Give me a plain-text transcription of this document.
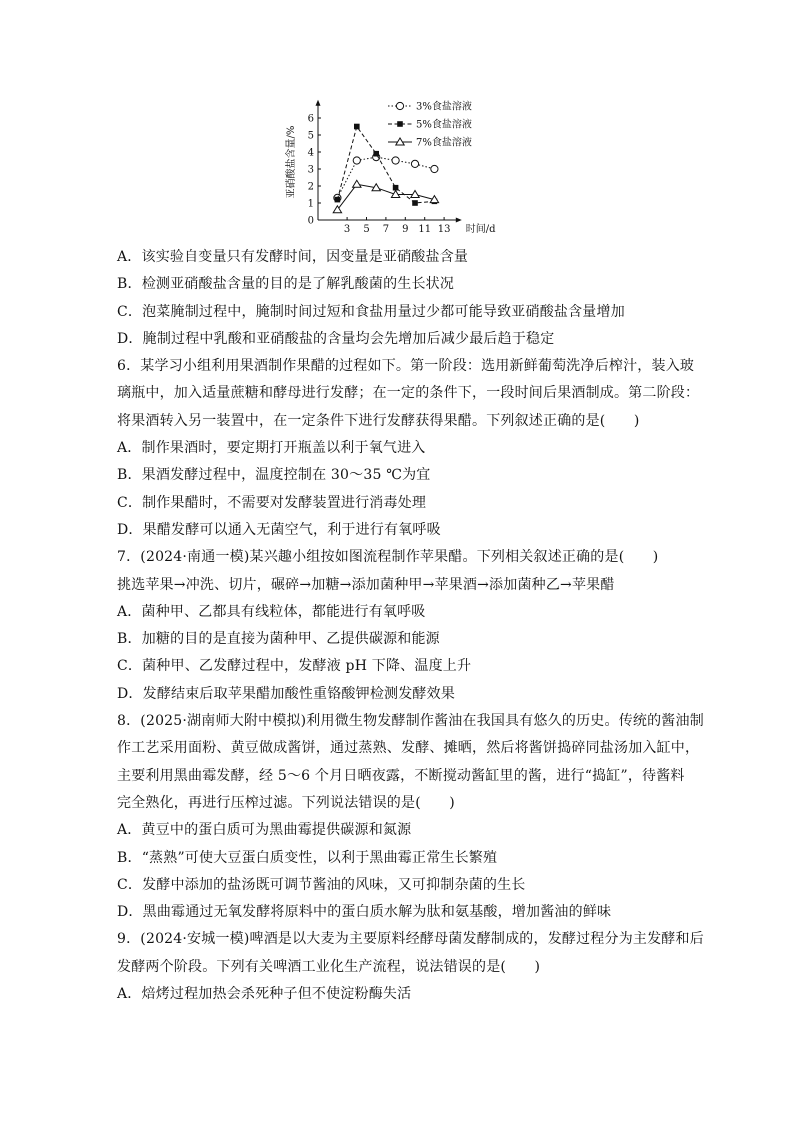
0
1
2
3
4
5
6
3 5 7 9 11 13 时间/d
亚硝酸盐含量/%
3%食盐溶液
5%食盐溶液
7%食盐溶液
A．该实验自变量只有发酵时间，因变量是亚硝酸盐含量
B．检测亚硝酸盐含量的目的是了解乳酸菌的生长状况
C．泡菜腌制过程中，腌制时间过短和食盐用量过少都可能导致亚硝酸盐含量增加
D．腌制过程中乳酸和亚硝酸盐的含量均会先增加后减少最后趋于稳定
6．某学习小组利用果酒制作果醋的过程如下。第一阶段：选用新鲜葡萄洗净后榨汁，装入玻
璃瓶中，加入适量蔗糖和酵母进行发酵；在一定的条件下，一段时间后果酒制成。第二阶段：
将果酒转入另一装置中，在一定条件下进行发酵获得果醋。下列叙述正确的是(　　)
A．制作果酒时，要定期打开瓶盖以利于氧气进入
B．果酒发酵过程中，温度控制在 30～35 ℃为宜
C．制作果醋时，不需要对发酵装置进行消毒处理
D．果醋发酵可以通入无菌空气，利于进行有氧呼吸
7．(2024·南通一模)某兴趣小组按如图流程制作苹果醋。下列相关叙述正确的是(　　)
挑选苹果→冲洗、切片，碾碎→加糖→添加菌种甲→苹果酒→添加菌种乙→苹果醋
A．菌种甲、乙都具有线粒体，都能进行有氧呼吸
B．加糖的目的是直接为菌种甲、乙提供碳源和能源
C．菌种甲、乙发酵过程中，发酵液 pH 下降、温度上升
D．发酵结束后取苹果醋加酸性重铬酸钾检测发酵效果
8．(2025·湖南师大附中模拟)利用微生物发酵制作酱油在我国具有悠久的历史。传统的酱油制
作工艺采用面粉、黄豆做成酱饼，通过蒸熟、发酵、摊晒，然后将酱饼捣碎同盐汤加入缸中，
主要利用黑曲霉发酵，经 5～6 个月日晒夜露，不断搅动酱缸里的酱，进行“捣缸”，待酱料
完全熟化，再进行压榨过滤。下列说法错误的是(　　)
A．黄豆中的蛋白质可为黑曲霉提供碳源和氮源
B．“蒸熟”可使大豆蛋白质变性，以利于黑曲霉正常生长繁殖
C．发酵中添加的盐汤既可调节酱油的风味，又可抑制杂菌的生长
D．黑曲霉通过无氧发酵将原料中的蛋白质水解为肽和氨基酸，增加酱油的鲜味
9．(2024·安城一模)啤酒是以大麦为主要原料经酵母菌发酵制成的，发酵过程分为主发酵和后
发酵两个阶段。下列有关啤酒工业化生产流程，说法错误的是(　　)
A．焙烤过程加热会杀死种子但不使淀粉酶失活
